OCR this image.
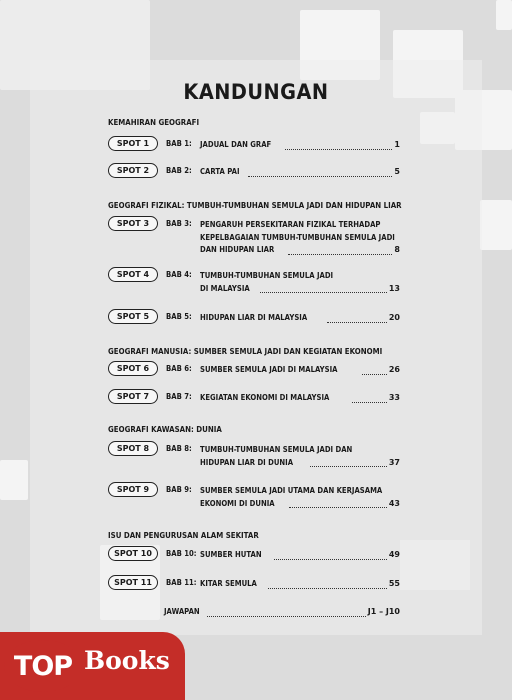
KANDUNGAN
KEMAHIRAN GEOGRAFI
SPOT 1	BAB 1: JADUAL DAN GRAF	1
SPOT 2	BAB 2: CARTA PAI	5
GEOGRAFI FIZIKAL: TUMBUH-TUMBUHAN SEMULA JADI DAN HIDUPAN LIAR
SPOT 3	BAB 3: PENGARUH PERSEKITARAN FIZIKAL TERHADAP
KEPELBAGAIAN TUMBUH-TUMBUHAN SEMULA JADI
DAN HIDUPAN LIAR	8
SPOT 4	BAB 4: TUMBUH-TUMBUHAN SEMULA JADI
DI MALAYSIA	13
SPOT 5	BAB 5: HIDUPAN LIAR DI MALAYSIA	20
GEOGRAFI MANUSIA: SUMBER SEMULA JADI DAN KEGIATAN EKONOMI
SPOT 6	BAB 6: SUMBER SEMULA JADI DI MALAYSIA	26
SPOT 7	BAB 7: KEGIATAN EKONOMI DI MALAYSIA	33
GEOGRAFI KAWASAN: DUNIA
SPOT 8	BAB 8: TUMBUH-TUMBUHAN SEMULA JADI DAN
HIDUPAN LIAR DI DUNIA	37
SPOT 9	BAB 9: SUMBER SEMULA JADI UTAMA DAN KERJASAMA
EKONOMI DI DUNIA	43
ISU DAN PENGURUSAN ALAM SEKITAR
SPOT 10	BAB 10: SUMBER HUTAN	49
SPOT 11	BAB 11: KITAR SEMULA	55
JAWAPAN	J1 – J10
TOP Books
